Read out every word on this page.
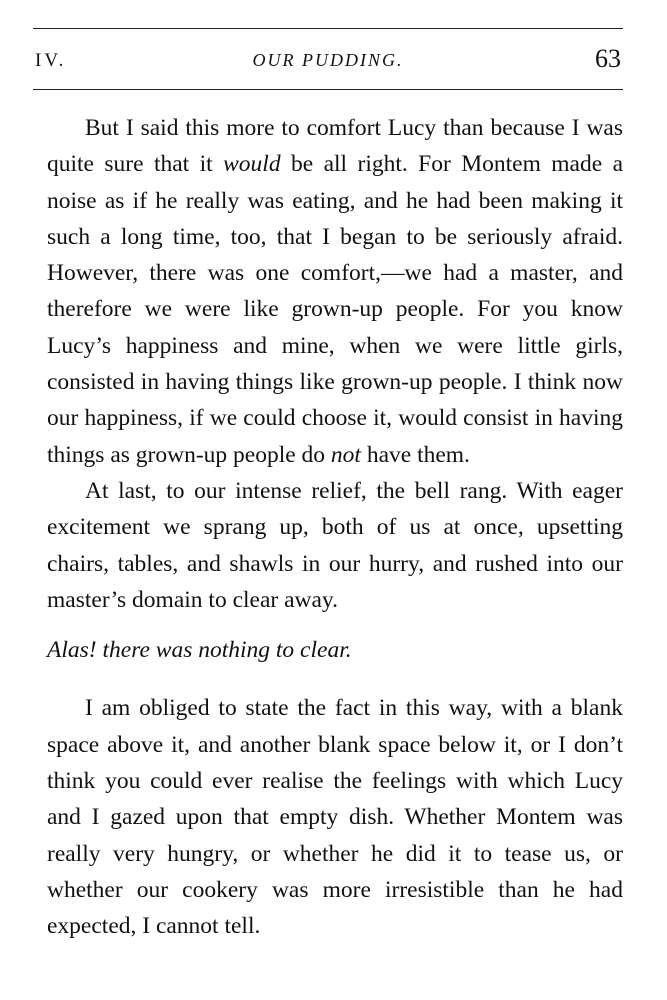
IV.	OUR PUDDING.	63

But I said this more to comfort Lucy than because I was quite sure that it would be all right. For Montem made a noise as if he really was eating, and he had been making it such a long time, too, that I began to be seriously afraid. However, there was one comfort,—we had a master, and therefore we were like grown-up people. For you know Lucy’s happiness and mine, when we were little girls, consisted in having things like grown-up people. I think now our happiness, if we could choose it, would consist in having things as grown-up people do not have them.

At last, to our intense relief, the bell rang. With eager excitement we sprang up, both of us at once, upsetting chairs, tables, and shawls in our hurry, and rushed into our master’s domain to clear away.

Alas! there was nothing to clear.

I am obliged to state the fact in this way, with a blank space above it, and another blank space below it, or I don’t think you could ever realise the feelings with which Lucy and I gazed upon that empty dish. Whether Montem was really very hungry, or whether he did it to tease us, or whether our cookery was more irresistible than he had expected, I cannot tell.
